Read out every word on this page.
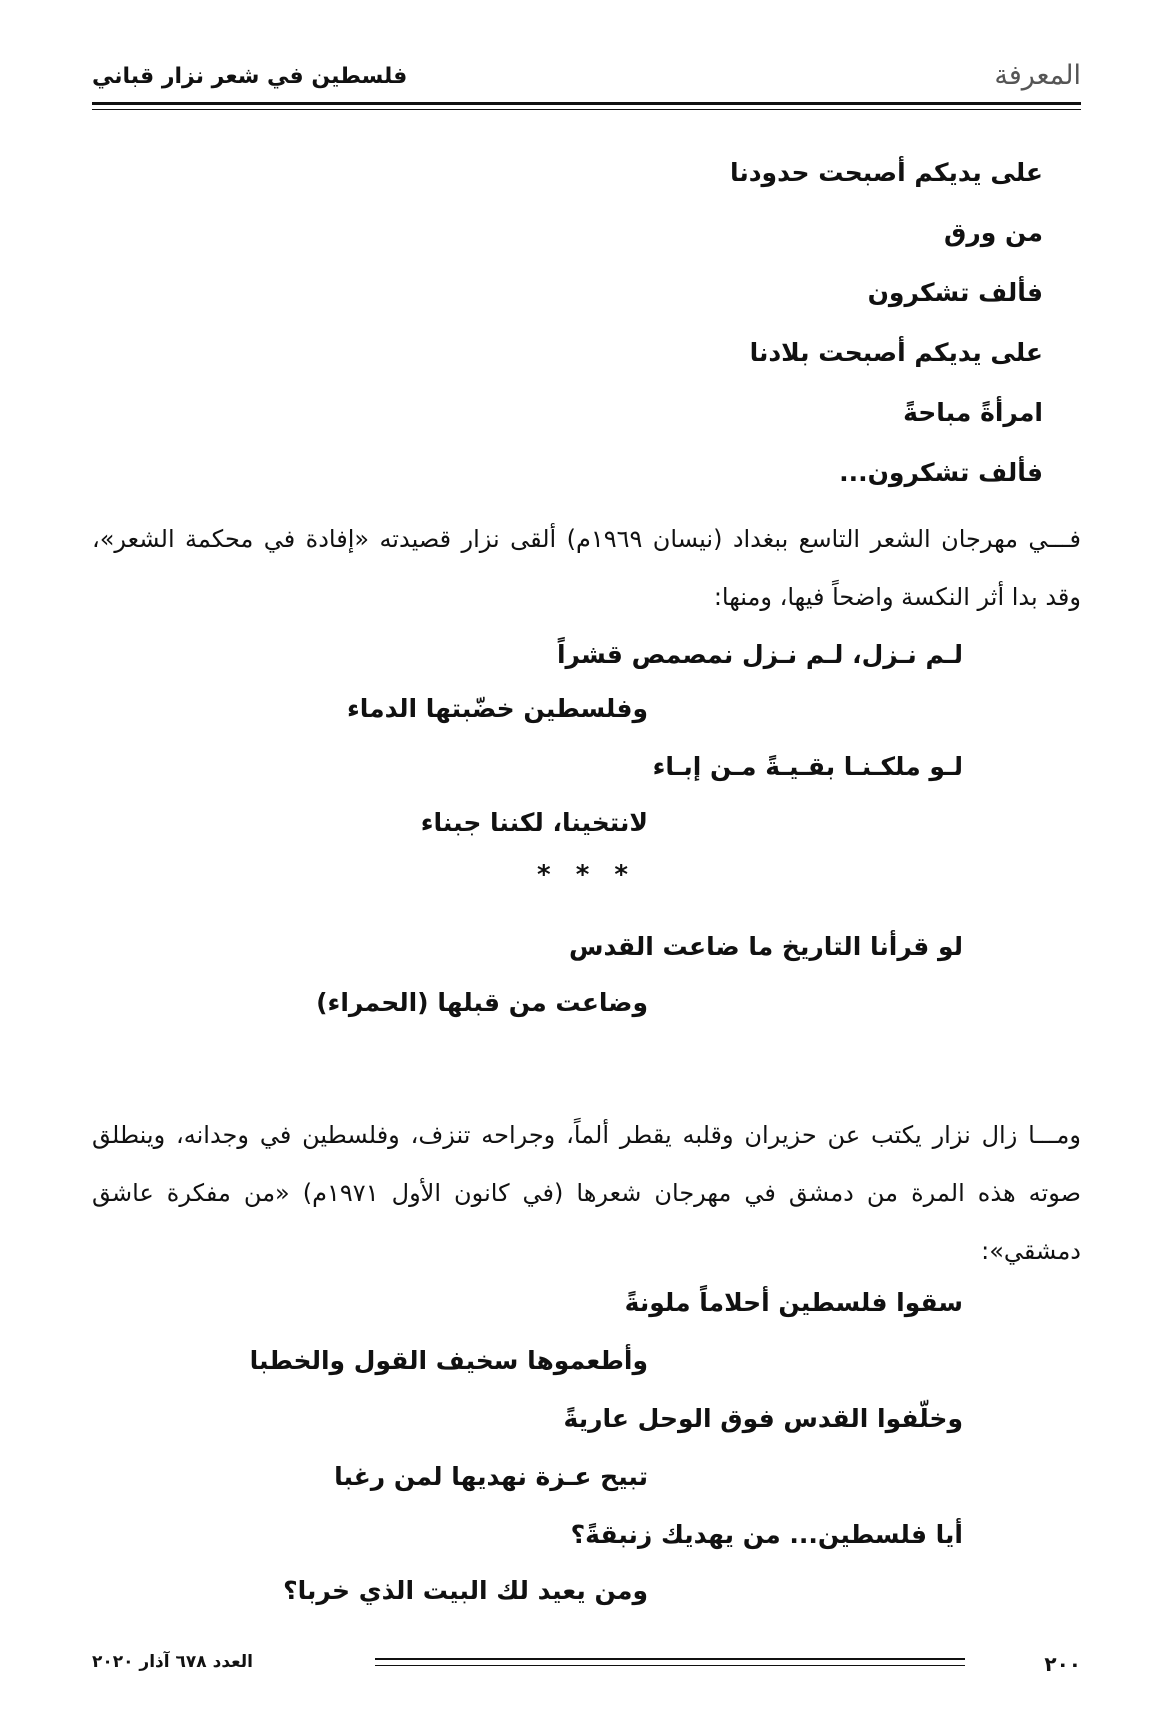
المعرفة
فلسطين في شعر نزار قباني
على يديكم أصبحت حدودنا
من ورق
فألف تشكرون
على يديكم أصبحت بلادنا
امرأةً مباحةً
فألف تشكرون...

فـــي مهرجان الشعر التاسع ببغداد (نيسان ١٩٦٩م) ألقى نزار قصيدته «إفادة في محكمة الشعر»، وقد بدا أثر النكسة واضحاً فيها، ومنها:

لـم نـزل، لـم نـزل نمصمص قشراً
وفلسطين خضّبتها الدماء
لـو ملكـنـا بقـيـةً مـن إبـاء
لانتخينا، لكننا جبناء
* * *
لو قرأنا التاريخ ما ضاعت القدس
وضاعت من قبلها (الحمراء)

ومـــا زال نزار يكتب عن حزيران وقلبه يقطر ألماً، وجراحه تنزف، وفلسطين في وجدانه، وينطلق صوته هذه المرة من دمشق في مهرجان شعرها (في كانون الأول ١٩٧١م) «من مفكرة عاشق دمشقي»:

سقوا فلسطين أحلاماً ملونةً
وأطعموها سخيف القول والخطبا
وخلّفوا القدس فوق الوحل عاريةً
تبيح عـزة نهديها لمن رغبا
أيا فلسطين... من يهديك زنبقةً؟
ومن يعيد لك البيت الذي خربا؟
٢٠٠
العدد ٦٧٨ آذار ٢٠٢٠
